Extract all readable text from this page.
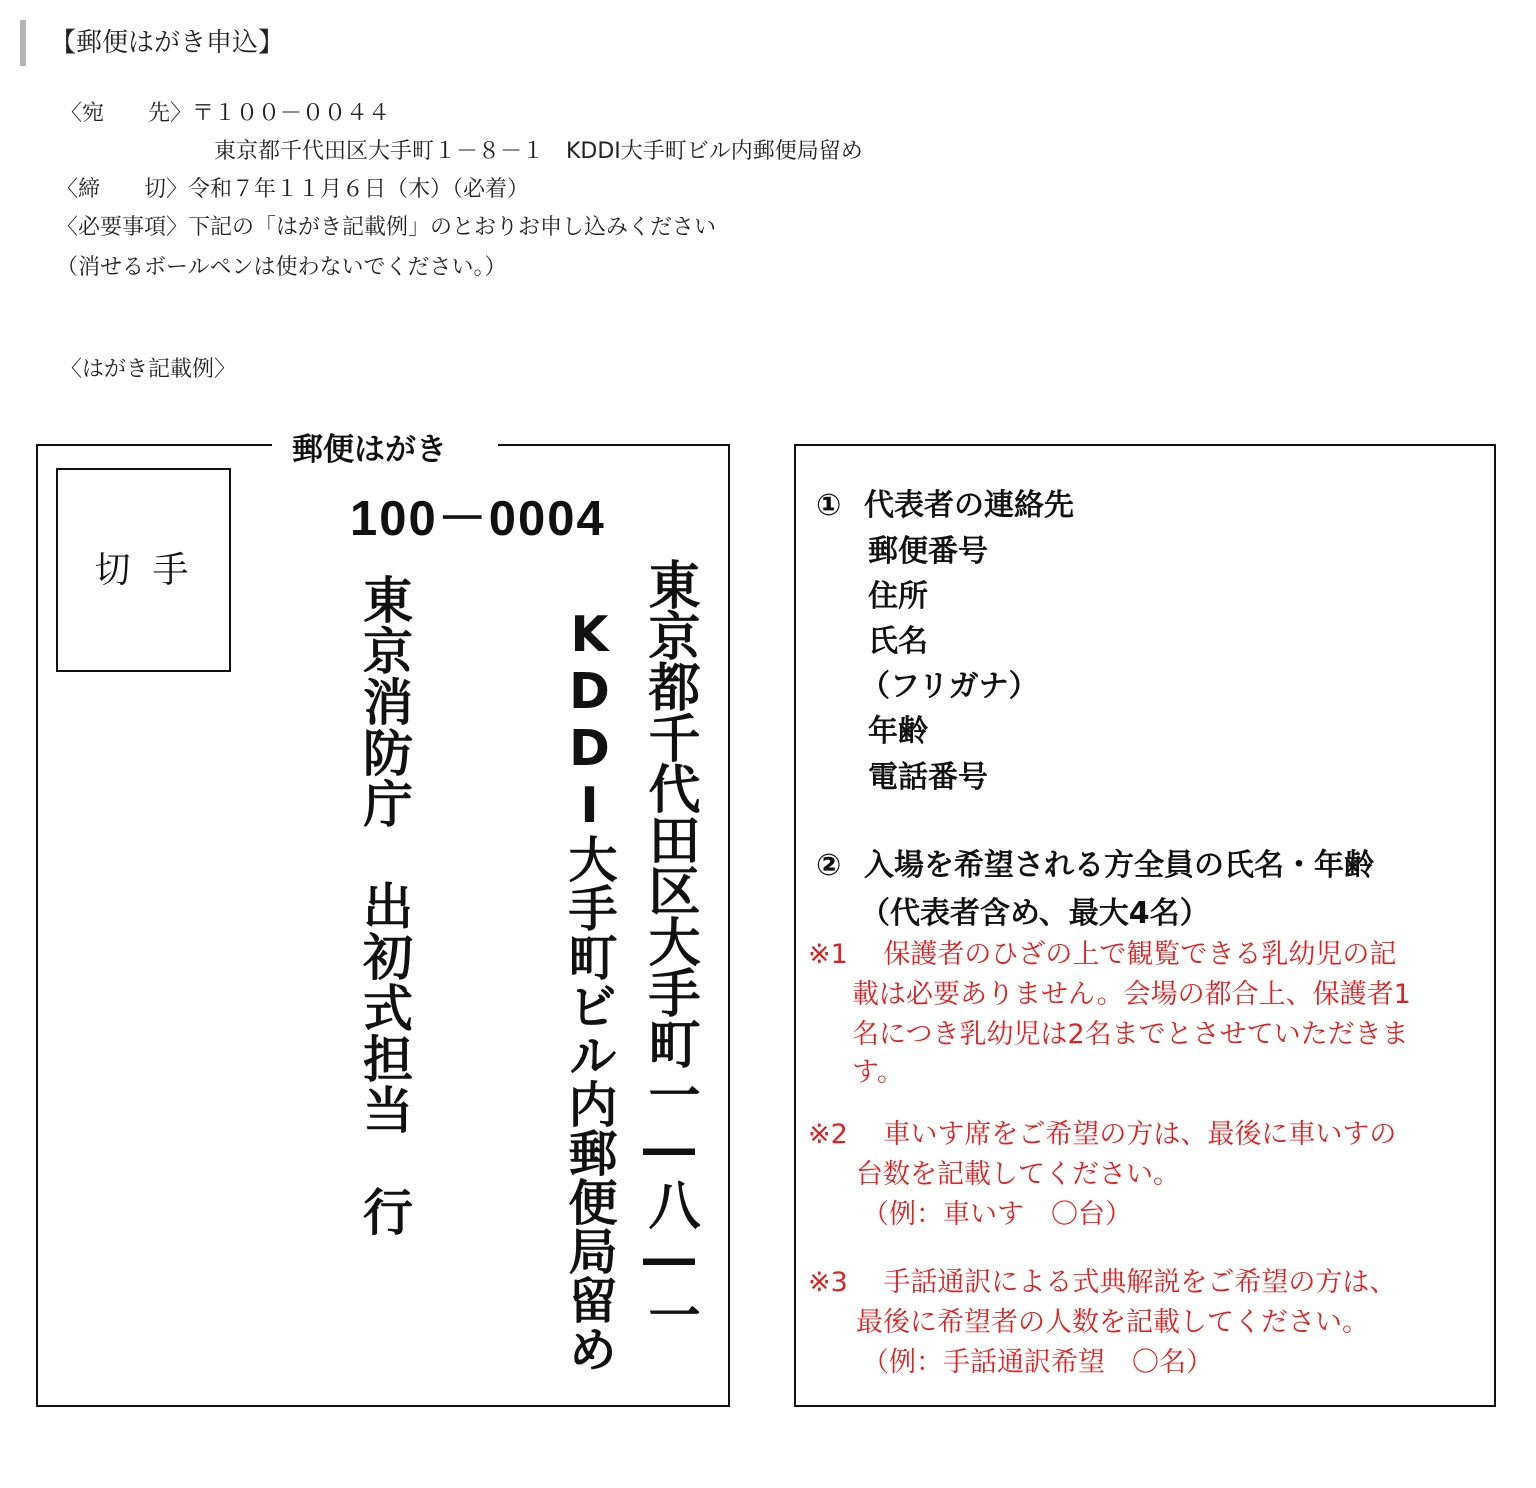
【郵便はがき申込】
〈宛　　先〉〒１００－００４４
東京都千代田区大手町１－８－１　KDDI大手町ビル内郵便局留め
〈締　　切〉令和７年１１月６日（木）（必着）
〈必要事項〉下記の「はがき記載例」のとおりお申し込みください
（消せるボールペンは使わないでください。）
〈はがき記載例〉
郵便はがき
切手
100－0004
東京都千代田区大手町一―八―一
KDDI大手町ビル内郵便局留め
東京消防庁　出初式担当　行
① 代表者の連絡先
郵便番号
住所
氏名
（フリガナ）
年齢
電話番号
② 入場を希望される方全員の氏名・年齢
（代表者含め、最大4名）
※1　 保護者のひざの上で観覧できる乳幼児の記
載は必要ありません。会場の都合上、保護者1
名につき乳幼児は2名までとさせていただきま
す。
※2　 車いす席をご希望の方は、最後に車いすの
台数を記載してください。
（例：車いす　〇台）
※3　 手話通訳による式典解説をご希望の方は、
最後に希望者の人数を記載してください。
（例：手話通訳希望　〇名）
